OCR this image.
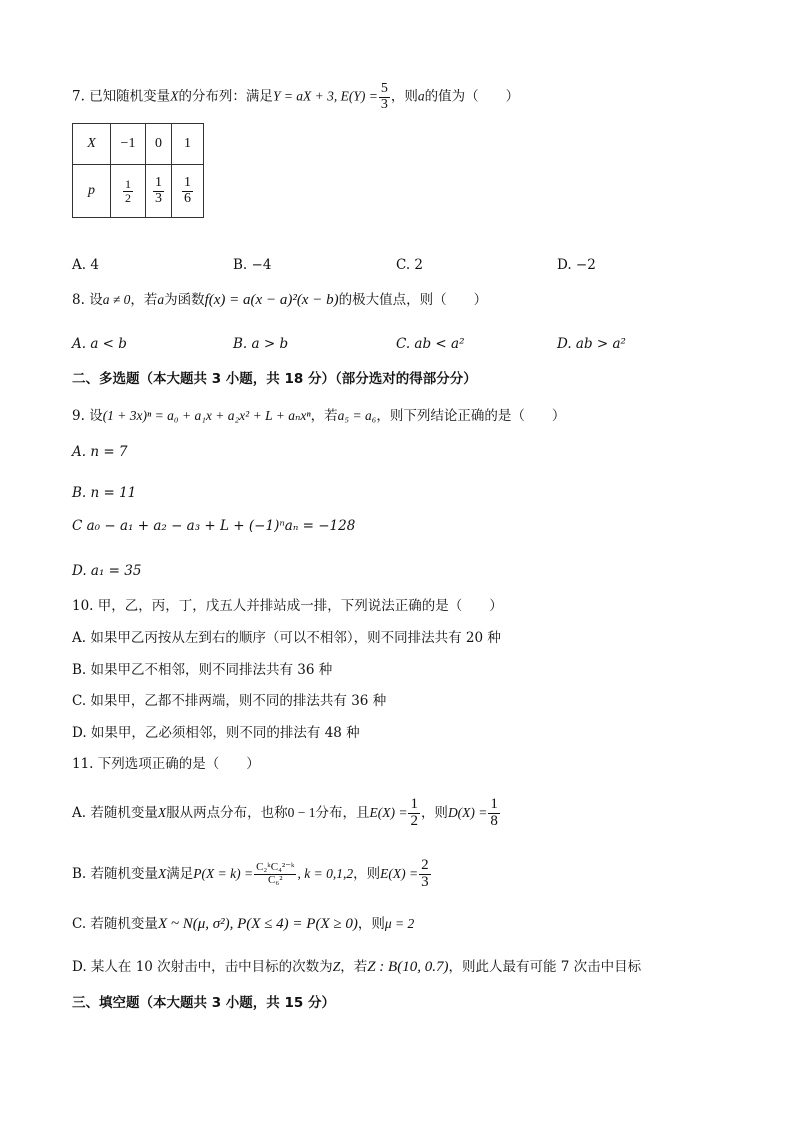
7. 已知随机变量X的分布列：满足Y = aX + 3, $E(Y) = \frac{5}{3}$ ，则a的值为（　　）
X	−1	0	1
p	$\frac{1}{2}$	$\frac{1}{3}$	$\frac{1}{6}$
A. 4	B. −4	C. 2	D. −2
8. 设a ≠ 0，若a为函数f(x) = a(x − a)²(x − b)的极大值点，则（　　）
A. a < b	B. a > b	C. ab < a²	D. ab > a²
二、多选题（本大题共 3 小题，共 18 分）（部分选对的得部分分）
9. 设(1 + 3x)ⁿ = a₀ + a₁x + a₂x² + L + aₙxⁿ，若a₅ = a₆，则下列结论正确的是（　　）
A. n = 7
B. n = 11
C a₀ − a₁ + a₂ − a₃ + L + (−1)ⁿaₙ = −128
D. a₁ = 35
10. 甲，乙，丙，丁，戊五人并排站成一排，下列说法正确的是（　　）
A. 如果甲乙丙按从左到右的顺序（可以不相邻），则不同排法共有 20 种
B. 如果甲乙不相邻，则不同排法共有 36 种
C. 如果甲，乙都不排两端，则不同的排法共有 36 种
D. 如果甲，乙必须相邻，则不同的排法有 48 种
11. 下列选项正确的是（　　）
A. 若随机变量X服从两点分布，也称0 − 1分布，且$E(X) = \frac{1}{2}$ ，则$D(X) = \frac{1}{8}$
B. 若随机变量X满足$P(X = k) = \frac{\text{C₂ᵏC₄²⁻ᵏ}}{\text{C₆²}}$ , k = 0,1,2，则$E(X) = \frac{2}{3}$
C. 若随机变量X ~ N(μ, σ²), P(X ≤ 4) = P(X ≥ 0)，则μ = 2
D. 某人在 10 次射击中，击中目标的次数为Z，若Z : B(10, 0.7)，则此人最有可能 7 次击中目标
三、填空题（本大题共 3 小题，共 15 分）
